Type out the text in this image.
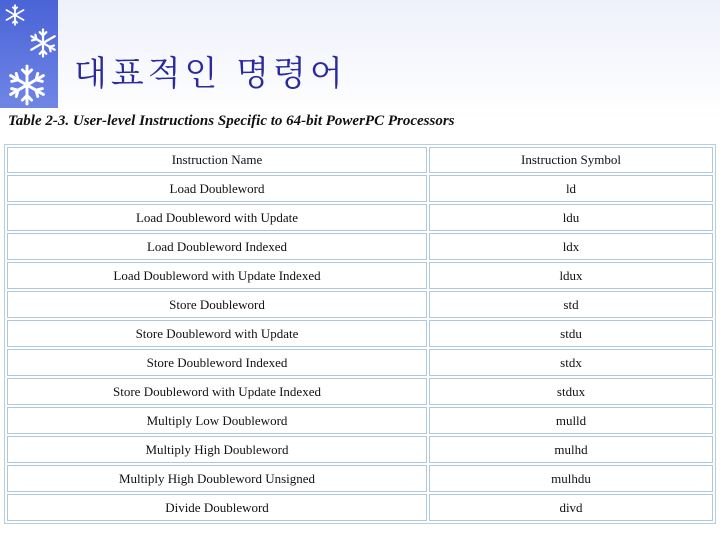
대표적인 명령어

Table 2-3. User-level Instructions Specific to 64-bit PowerPC Processors

Instruction Name	Instruction Symbol
Load Doubleword	ld
Load Doubleword with Update	ldu
Load Doubleword Indexed	ldx
Load Doubleword with Update Indexed	ldux
Store Doubleword	std
Store Doubleword with Update	stdu
Store Doubleword Indexed	stdx
Store Doubleword with Update Indexed	stdux
Multiply Low Doubleword	mulld
Multiply High Doubleword	mulhd
Multiply High Doubleword Unsigned	mulhdu
Divide Doubleword	divd
